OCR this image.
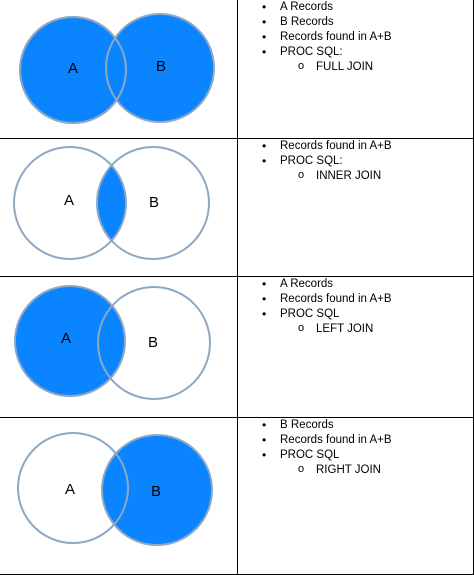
A	B
• A Records
• B Records
• Records found in A+B
• PROC SQL:
o FULL JOIN
A	B
• Records found in A+B
• PROC SQL:
o INNER JOIN
A	B
• A Records
• Records found in A+B
• PROC SQL
o LEFT JOIN
A	B
• B Records
• Records found in A+B
• PROC SQL
o RIGHT JOIN
